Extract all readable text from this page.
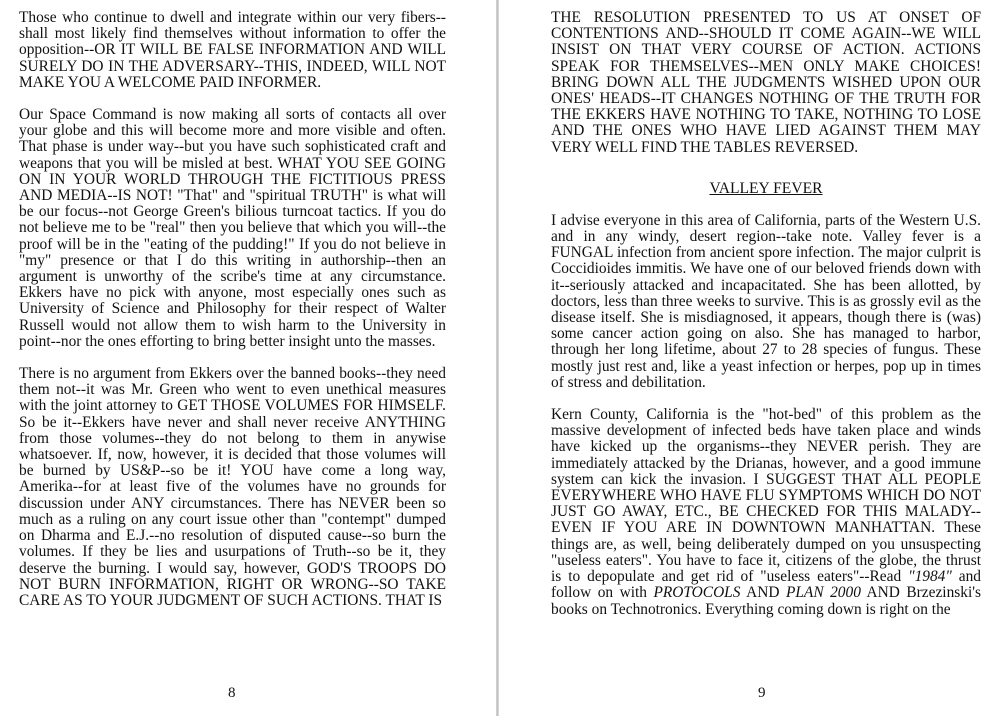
Those who continue to dwell and integrate within our very fibers--shall most likely find themselves without information to offer the opposition--OR IT WILL BE FALSE INFORMATION AND WILL SURELY DO IN THE ADVERSARY--THIS, INDEED, WILL NOT MAKE YOU A WELCOME PAID INFORMER.

Our Space Command is now making all sorts of contacts all over your globe and this will become more and more visible and often. That phase is under way--but you have such sophisticated craft and weapons that you will be misled at best. WHAT YOU SEE GOING ON IN YOUR WORLD THROUGH THE FICTITIOUS PRESS AND MEDIA--IS NOT! "That" and "spiritual TRUTH" is what will be our focus--not George Green's bilious turncoat tactics. If you do not believe me to be "real" then you believe that which you will--the proof will be in the "eating of the pudding!" If you do not believe in "my" presence or that I do this writing in authorship--then an argument is unworthy of the scribe's time at any circumstance. Ekkers have no pick with anyone, most especially ones such as University of Science and Philosophy for their respect of Walter Russell would not allow them to wish harm to the University in point--nor the ones efforting to bring better insight unto the masses.

There is no argument from Ekkers over the banned books--they need them not--it was Mr. Green who went to even unethical measures with the joint attorney to GET THOSE VOLUMES FOR HIMSELF. So be it--Ekkers have never and shall never receive ANYTHING from those volumes--they do not belong to them in anywise whatsoever. If, now, however, it is decided that those volumes will be burned by US&P--so be it! YOU have come a long way, Amerika--for at least five of the volumes have no grounds for discussion under ANY circumstances. There has NEVER been so much as a ruling on any court issue other than "contempt" dumped on Dharma and E.J.--no resolution of disputed cause--so burn the volumes. If they be lies and usurpations of Truth--so be it, they deserve the burning. I would say, however, GOD'S TROOPS DO NOT BURN INFORMATION, RIGHT OR WRONG--SO TAKE CARE AS TO YOUR JUDGMENT OF SUCH ACTIONS. THAT IS

8

THE RESOLUTION PRESENTED TO US AT ONSET OF CONTENTIONS AND--SHOULD IT COME AGAIN--WE WILL INSIST ON THAT VERY COURSE OF ACTION. ACTIONS SPEAK FOR THEMSELVES--MEN ONLY MAKE CHOICES! BRING DOWN ALL THE JUDGMENTS WISHED UPON OUR ONES' HEADS--IT CHANGES NOTHING OF THE TRUTH FOR THE EKKERS HAVE NOTHING TO TAKE, NOTHING TO LOSE AND THE ONES WHO HAVE LIED AGAINST THEM MAY VERY WELL FIND THE TABLES REVERSED.

VALLEY FEVER

I advise everyone in this area of California, parts of the Western U.S. and in any windy, desert region--take note. Valley fever is a FUNGAL infection from ancient spore infection. The major culprit is Coccidioides immitis. We have one of our beloved friends down with it--seriously attacked and incapacitated. She has been allotted, by doctors, less than three weeks to survive. This is as grossly evil as the disease itself. She is misdiagnosed, it appears, though there is (was) some cancer action going on also. She has managed to harbor, through her long lifetime, about 27 to 28 species of fungus. These mostly just rest and, like a yeast infection or herpes, pop up in times of stress and debilitation.

Kern County, California is the "hot-bed" of this problem as the massive development of infected beds have taken place and winds have kicked up the organisms--they NEVER perish. They are immediately attacked by the Drianas, however, and a good immune system can kick the invasion. I SUGGEST THAT ALL PEOPLE EVERYWHERE WHO HAVE FLU SYMPTOMS WHICH DO NOT JUST GO AWAY, ETC., BE CHECKED FOR THIS MALADY--EVEN IF YOU ARE IN DOWNTOWN MANHATTAN. These things are, as well, being deliberately dumped on you unsuspecting "useless eaters". You have to face it, citizens of the globe, the thrust is to depopulate and get rid of "useless eaters"--Read "1984" and follow on with PROTOCOLS AND PLAN 2000 AND Brzezinski's books on Technotronics. Everything coming down is right on the

9
